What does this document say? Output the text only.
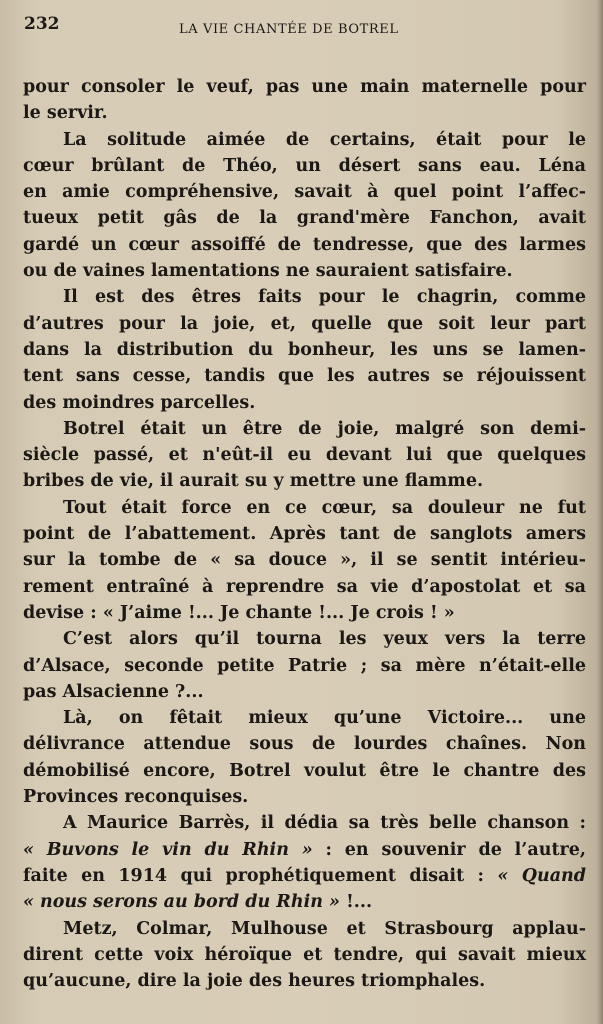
232	LA VIE CHANTÉE DE BOTREL
pour consoler le veuf, pas une main maternelle pour
le servir.
La solitude aimée de certains, était pour le
cœur brûlant de Théo, un désert sans eau. Léna
en amie compréhensive, savait à quel point l’affec-
tueux petit gâs de la grand'mère Fanchon, avait
gardé un cœur assoiffé de tendresse, que des larmes
ou de vaines lamentations ne sauraient satisfaire.
Il est des êtres faits pour le chagrin, comme
d’autres pour la joie, et, quelle que soit leur part
dans la distribution du bonheur, les uns se lamen-
tent sans cesse, tandis que les autres se réjouissent
des moindres parcelles.
Botrel était un être de joie, malgré son demi-
siècle passé, et n'eût-il eu devant lui que quelques
bribes de vie, il aurait su y mettre une flamme.
Tout était force en ce cœur, sa douleur ne fut
point de l’abattement. Après tant de sanglots amers
sur la tombe de « sa douce », il se sentit intérieu-
rement entraîné à reprendre sa vie d’apostolat et sa
devise : « J’aime !... Je chante !... Je crois ! »
C’est alors qu’il tourna les yeux vers la terre
d’Alsace, seconde petite Patrie ; sa mère n’était-elle
pas Alsacienne ?...
Là, on fêtait mieux qu’une Victoire... une
délivrance attendue sous de lourdes chaînes. Non
démobilisé encore, Botrel voulut être le chantre des
Provinces reconquises.
A Maurice Barrès, il dédia sa très belle chanson :
« Buvons le vin du Rhin » : en souvenir de l’autre,
faite en 1914 qui prophétiquement disait : « Quand
« nous serons au bord du Rhin » !...
Metz, Colmar, Mulhouse et Strasbourg applau-
dirent cette voix héroïque et tendre, qui savait mieux
qu’aucune, dire la joie des heures triomphales.
